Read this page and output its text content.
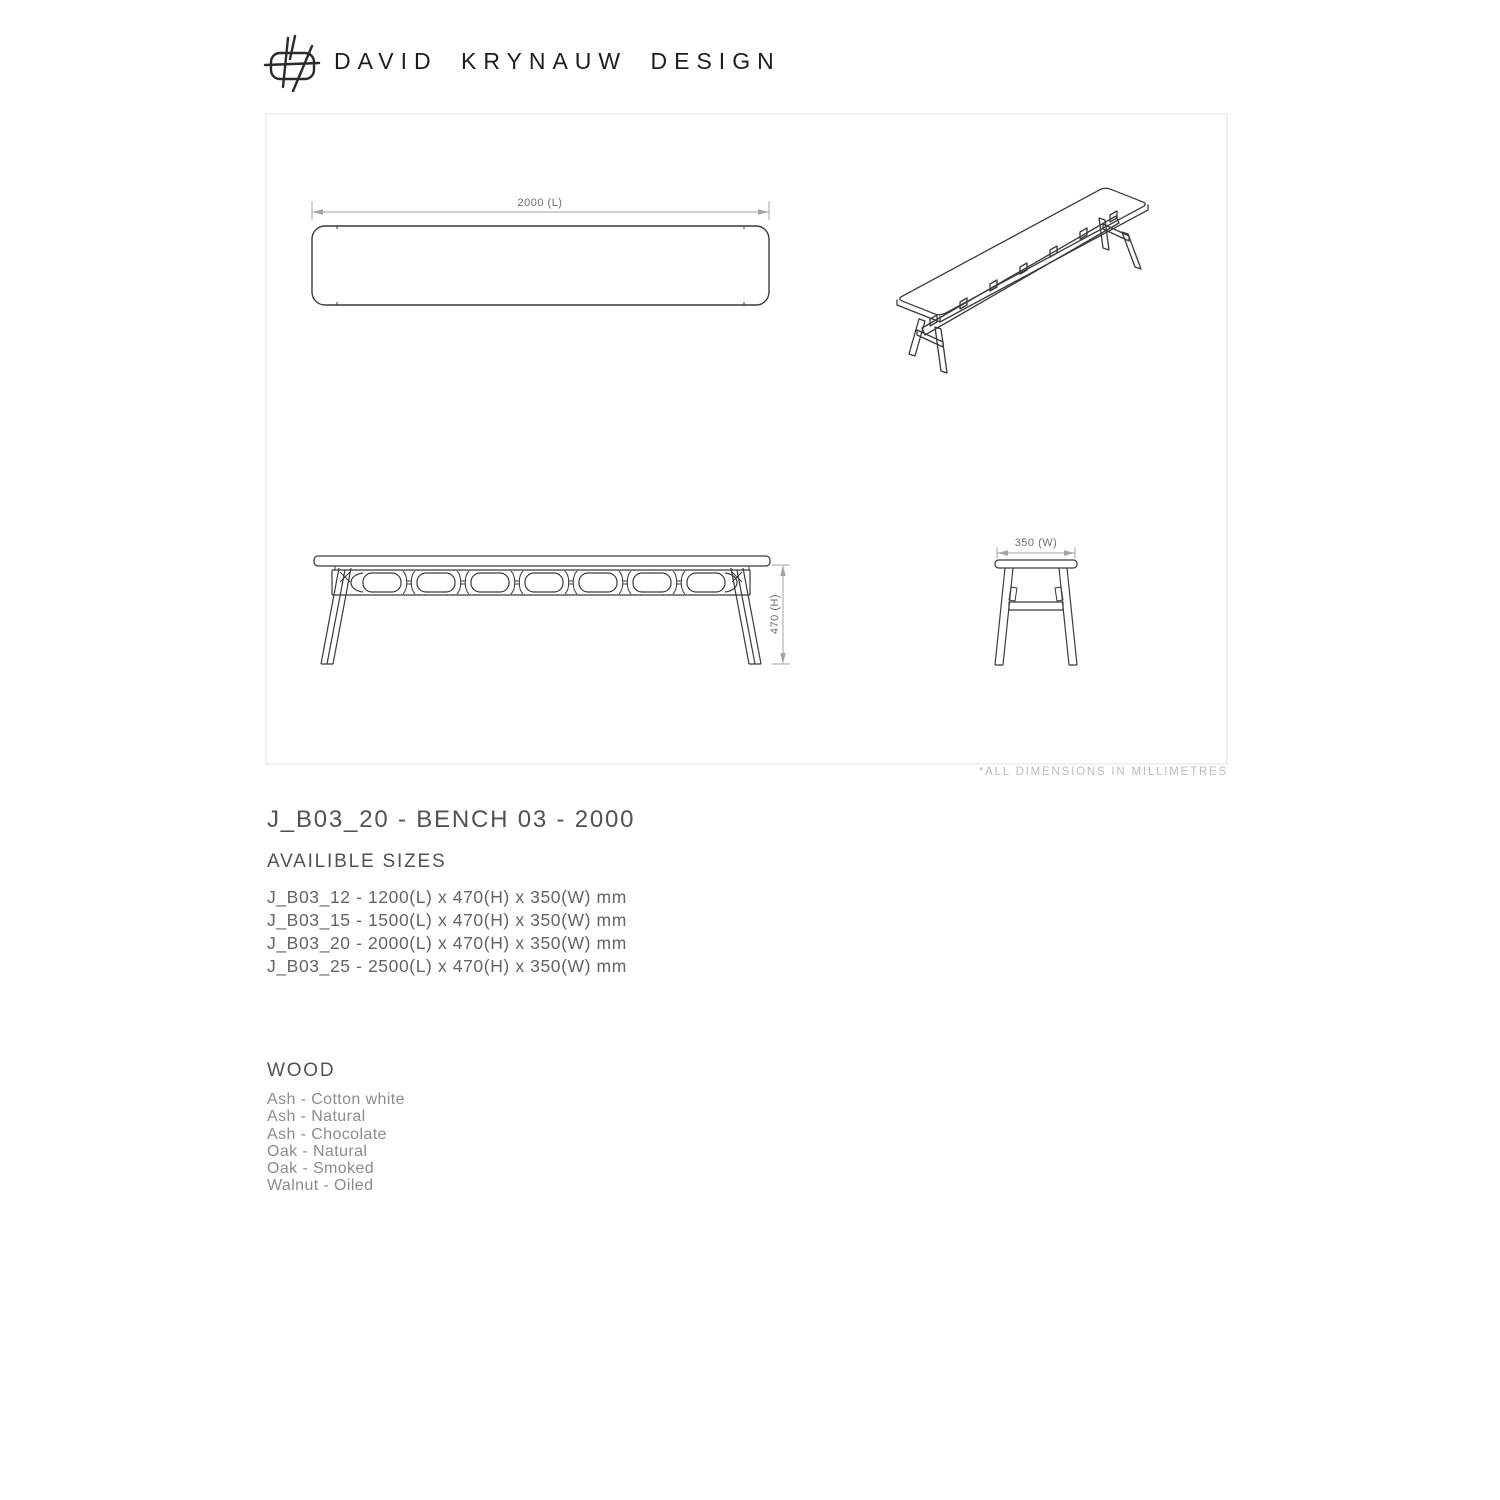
DAVID KRYNAUW DESIGN
2000 (L)
470 (H)
350 (W)
*ALL DIMENSIONS IN MILLIMETRES
J_B03_20 - BENCH 03 - 2000
AVAILIBLE SIZES
J_B03_12 - 1200(L) x 470(H) x 350(W) mm
J_B03_15 - 1500(L) x 470(H) x 350(W) mm
J_B03_20 - 2000(L) x 470(H) x 350(W) mm
J_B03_25 - 2500(L) x 470(H) x 350(W) mm
WOOD
Ash - Cotton white
Ash - Natural
Ash - Chocolate
Oak - Natural
Oak - Smoked
Walnut - Oiled
